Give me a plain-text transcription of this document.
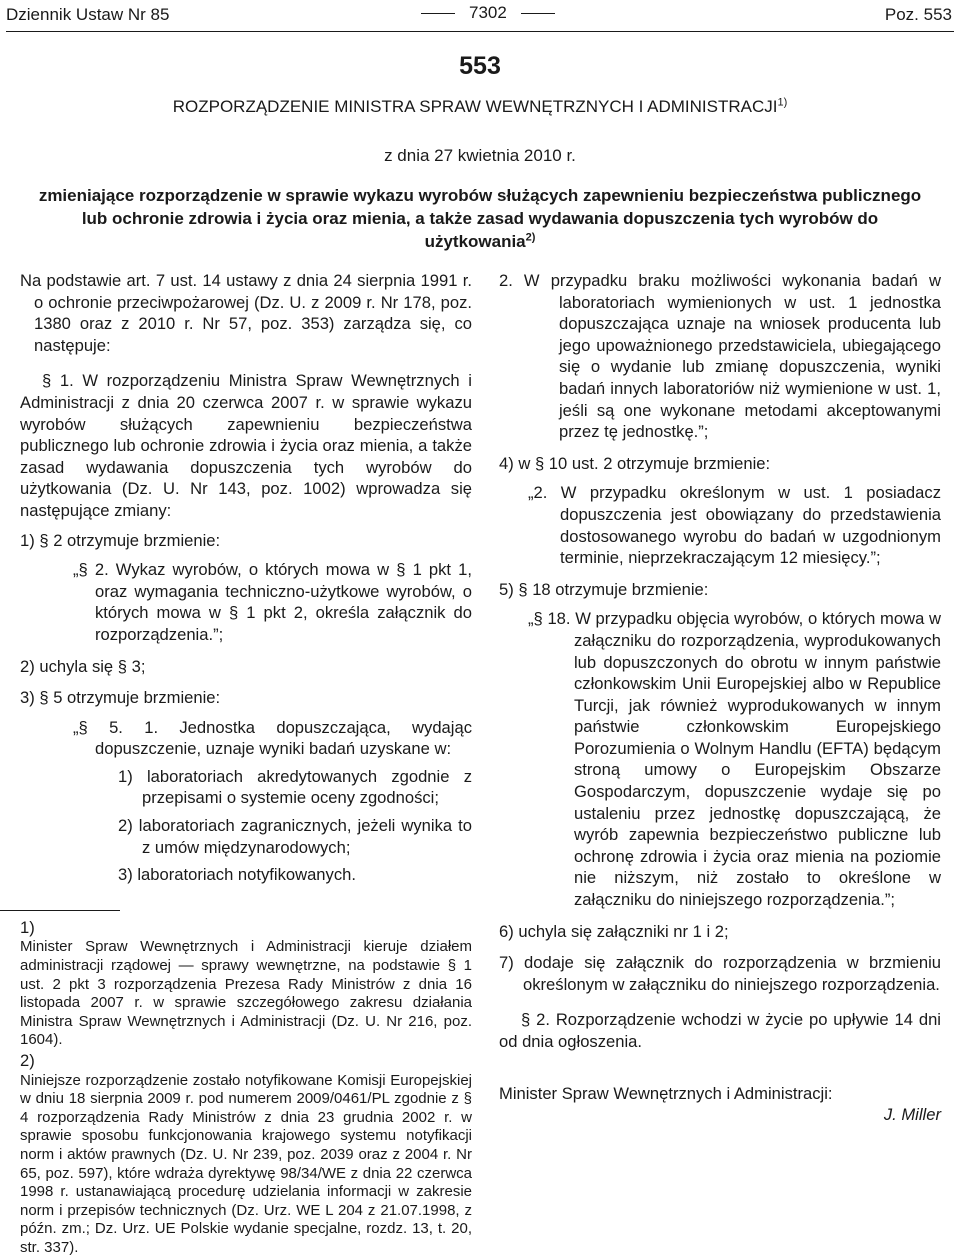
Dziennik Ustaw Nr 85	7302	Poz. 553
553
ROZPORZĄDZENIE MINISTRA SPRAW WEWNĘTRZNYCH I ADMINISTRACJI$^{1)}$
z dnia 27 kwietnia 2010 r.
zmieniające rozporządzenie w sprawie wykazu wyrobów służących zapewnieniu bezpieczeństwa publicznego lub ochronie zdrowia i życia oraz mienia, a także zasad wydawania dopuszczenia tych wyrobów do użytkowania$^{2)}$

Na podstawie art. 7 ust. 14 ustawy z dnia 24 sierpnia 1991 r. o ochronie przeciwpożarowej (Dz. U. z 2009 r. Nr 178, poz. 1380 oraz z 2010 r. Nr 57, poz. 353) zarządza się, co następuje:

§ 1. W rozporządzeniu Ministra Spraw Wewnętrznych i Administracji z dnia 20 czerwca 2007 r. w sprawie wykazu wyrobów służących zapewnieniu bezpieczeństwa publicznego lub ochronie zdrowia i życia oraz mienia, a także zasad wydawania dopuszczenia tych wyrobów do użytkowania (Dz. U. Nr 143, poz. 1002) wprowadza się następujące zmiany:

1) § 2 otrzymuje brzmienie:

„§ 2. Wykaz wyrobów, o których mowa w § 1 pkt 1, oraz wymagania techniczno-użytkowe wyrobów, o których mowa w § 1 pkt 2, określa załącznik do rozporządzenia.”;

2) uchyla się § 3;

3) § 5 otrzymuje brzmienie:

„§ 5. 1. Jednostka dopuszczająca, wydając dopuszczenie, uznaje wyniki badań uzyskane w:

1) laboratoriach akredytowanych zgodnie z przepisami o systemie oceny zgodności;

2) laboratoriach zagranicznych, jeżeli wynika to z umów międzynarodowych;

3) laboratoriach notyfikowanych.

1)

Minister Spraw Wewnętrznych i Administracji kieruje działem administracji rządowej — sprawy wewnętrzne, na podstawie § 1 ust. 2 pkt 3 rozporządzenia Prezesa Rady Ministrów z dnia 16 listopada 2007 r. w sprawie szczegółowego zakresu działania Ministra Spraw Wewnętrznych i Administracji (Dz. U. Nr 216, poz. 1604).

2)

Niniejsze rozporządzenie zostało notyfikowane Komisji Europejskiej w dniu 18 sierpnia 2009 r. pod numerem 2009/0461/PL zgodnie z § 4 rozporządzenia Rady Ministrów z dnia 23 grudnia 2002 r. w sprawie sposobu funkcjonowania krajowego systemu notyfikacji norm i aktów prawnych (Dz. U. Nr 239, poz. 2039 oraz z 2004 r. Nr 65, poz. 597), które wdraża dyrektywę 98/34/WE z dnia 22 czerwca 1998 r. ustanawiającą procedurę udzielania informacji w zakresie norm i przepisów technicznych (Dz. Urz. WE L 204 z 21.07.1998, z późn. zm.; Dz. Urz. UE Polskie wydanie specjalne, rozdz. 13, t. 20, str. 337).

2. W przypadku braku możliwości wykonania badań w laboratoriach wymienionych w ust. 1 jednostka dopuszczająca uznaje na wniosek producenta lub jego upoważnionego przedstawiciela, ubiegającego się o wydanie lub zmianę dopuszczenia, wyniki badań innych laboratoriów niż wymienione w ust. 1, jeśli są one wykonane metodami akceptowanymi przez tę jednostkę.”;

4) w § 10 ust. 2 otrzymuje brzmienie:

„2. W przypadku określonym w ust. 1 posiadacz dopuszczenia jest obowiązany do przedstawienia dostosowanego wyrobu do badań w uzgodnionym terminie, nieprzekraczającym 12 miesięcy.”;

5) § 18 otrzymuje brzmienie:

„§ 18. W przypadku objęcia wyrobów, o których mowa w załączniku do rozporządzenia, wyprodukowanych lub dopuszczonych do obrotu w innym państwie członkowskim Unii Europejskiej albo w Republice Turcji, jak również wyprodukowanych w innym państwie członkowskim Europejskiego Porozumienia o Wolnym Handlu (EFTA) będącym stroną umowy o Europejskim Obszarze Gospodarczym, dopuszczenie wydaje się po ustaleniu przez jednostkę dopuszczającą, że wyrób zapewnia bezpieczeństwo publiczne lub ochronę zdrowia i życia oraz mienia na poziomie nie niższym, niż zostało to określone w załączniku do niniejszego rozporządzenia.”;

6) uchyla się załączniki nr 1 i 2;

7) dodaje się załącznik do rozporządzenia w brzmieniu określonym w załączniku do niniejszego rozporządzenia.

§ 2. Rozporządzenie wchodzi w życie po upływie 14 dni od dnia ogłoszenia.

Minister Spraw Wewnętrznych i Administracji:

J. Miller
